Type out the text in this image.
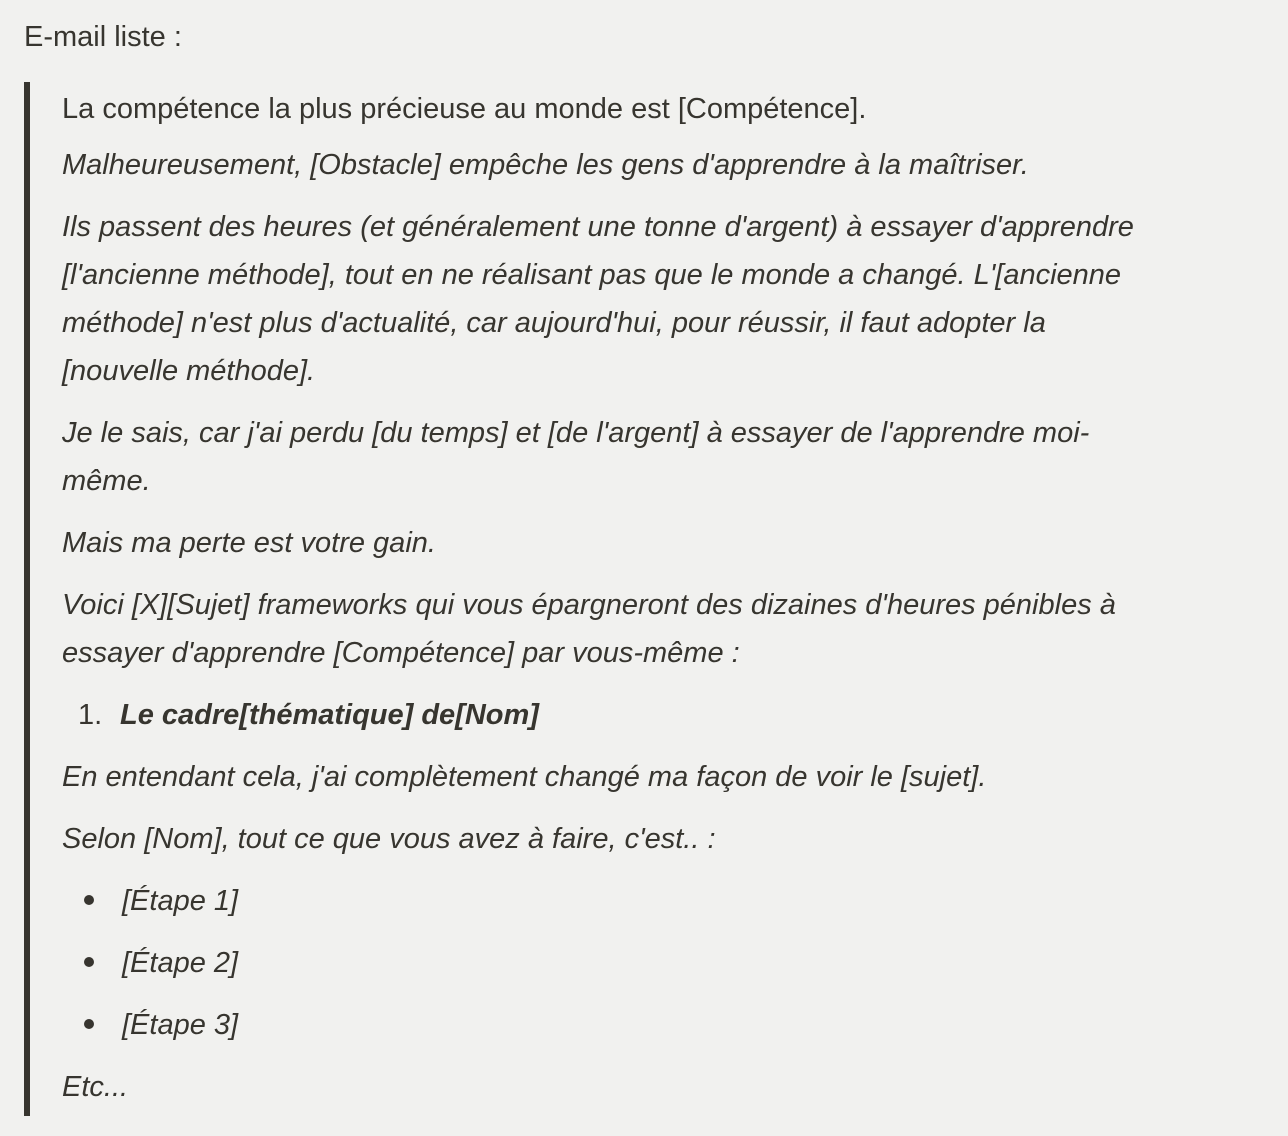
E-mail liste :

La compétence la plus précieuse au monde est [Compétence].

Malheureusement, [Obstacle] empêche les gens d'apprendre à la maîtriser.

Ils passent des heures (et généralement une tonne d'argent) à essayer d'apprendre

[l'ancienne méthode], tout en ne réalisant pas que le monde a changé. L'[ancienne

méthode] n'est plus d'actualité, car aujourd'hui, pour réussir, il faut adopter la

[nouvelle méthode].

Je le sais, car j'ai perdu [du temps] et [de l'argent] à essayer de l'apprendre moi-

même.

Mais ma perte est votre gain.

Voici [X][Sujet] frameworks qui vous épargneront des dizaines d'heures pénibles à

essayer d'apprendre [Compétence] par vous-même :

1. Le cadre[thématique] de[Nom]

En entendant cela, j'ai complètement changé ma façon de voir le [sujet].

Selon [Nom], tout ce que vous avez à faire, c'est.. :

[Étape 1]
[Étape 2]
[Étape 3]

Etc...
